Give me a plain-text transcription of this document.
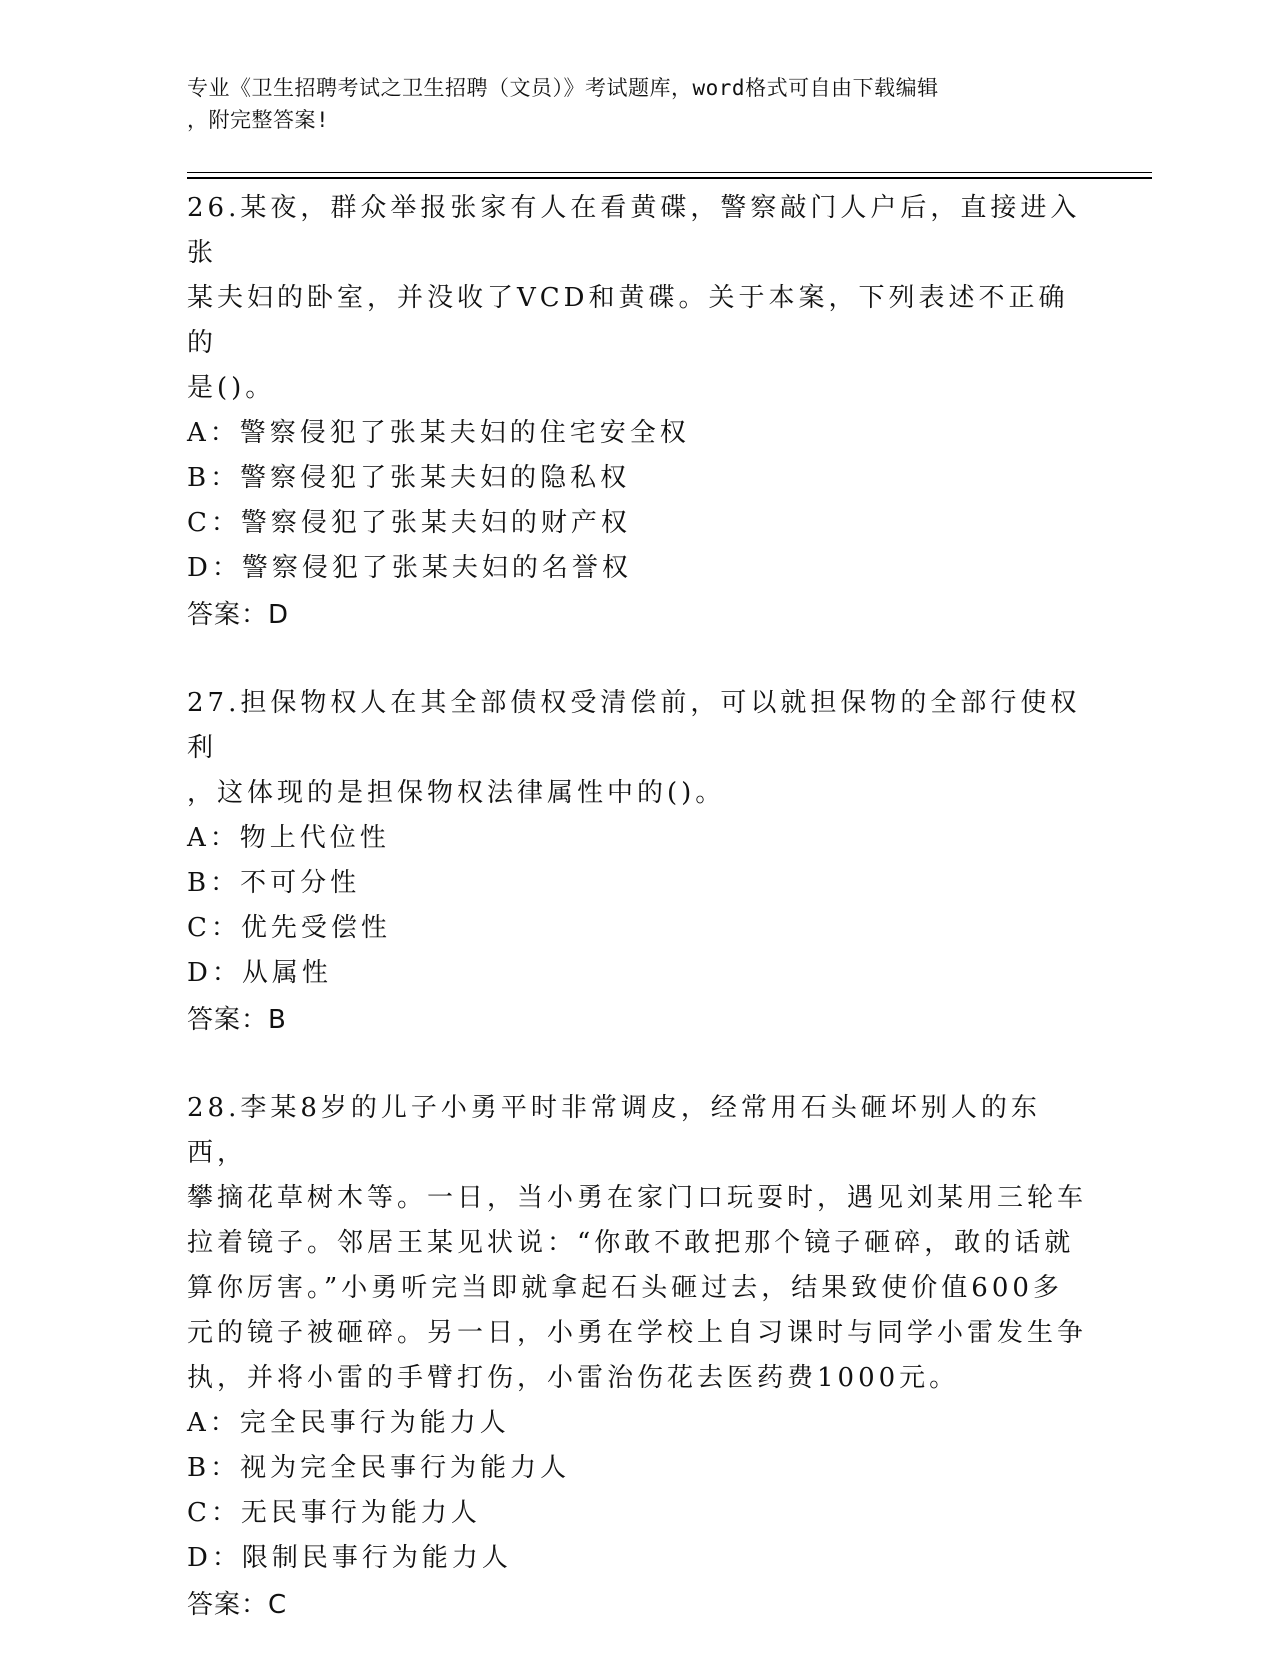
专业《卫生招聘考试之卫生招聘（文员）》考试题库，word格式可自由下载编辑
，附完整答案!

26.某夜，群众举报张家有人在看黄碟，警察敲门人户后，直接进入张

某夫妇的卧室，并没收了VCD和黄碟。关于本案，下列表述不正确的

是()。

A：警察侵犯了张某夫妇的住宅安全权

B：警察侵犯了张某夫妇的隐私权

C：警察侵犯了张某夫妇的财产权

D：警察侵犯了张某夫妇的名誉权

答案：D

27.担保物权人在其全部债权受清偿前，可以就担保物的全部行使权利

，这体现的是担保物权法律属性中的()。

A：物上代位性

B：不可分性

C：优先受偿性

D：从属性

答案：B

28.李某8岁的儿子小勇平时非常调皮，经常用石头砸坏别人的东西，

攀摘花草树木等。一日，当小勇在家门口玩耍时，遇见刘某用三轮车

拉着镜子。邻居王某见状说：“你敢不敢把那个镜子砸碎，敢的话就

算你厉害。”小勇听完当即就拿起石头砸过去，结果致使价值600多

元的镜子被砸碎。另一日，小勇在学校上自习课时与同学小雷发生争

执，并将小雷的手臂打伤，小雷治伤花去医药费1000元。

A：完全民事行为能力人

B：视为完全民事行为能力人

C：无民事行为能力人

D：限制民事行为能力人

答案：C
